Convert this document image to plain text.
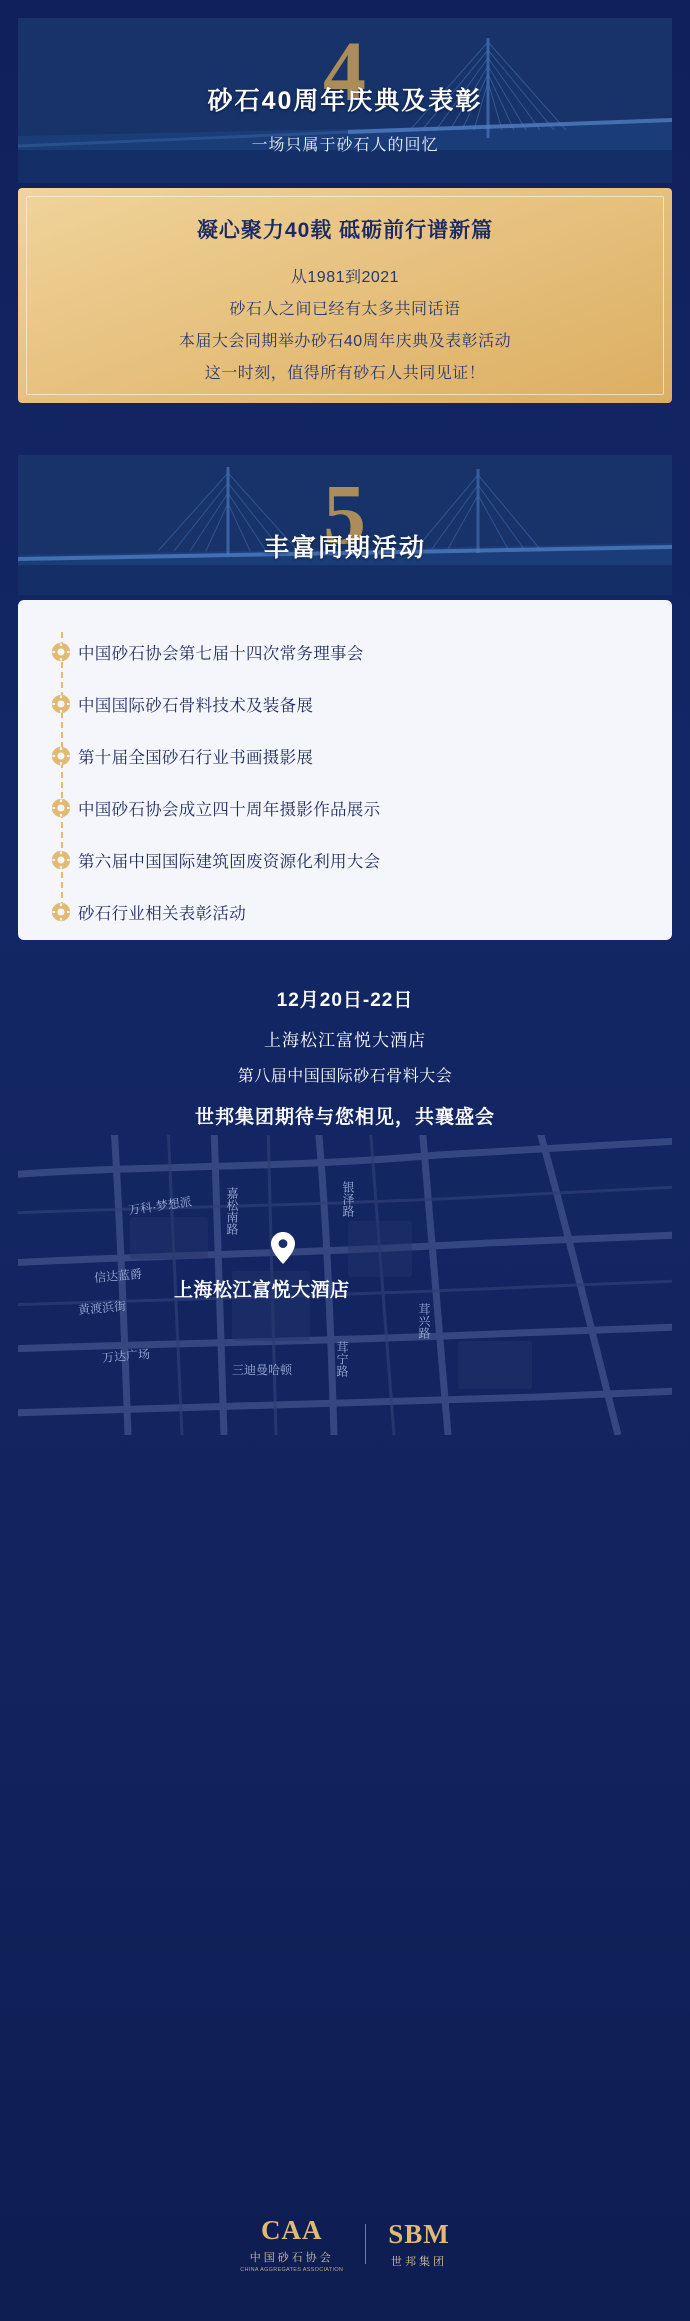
4
砂石40周年庆典及表彰
一场只属于砂石人的回忆
凝心聚力40载 砥砺前行谱新篇
从1981到2021
砂石人之间已经有太多共同话语
本届大会同期举办砂石40周年庆典及表彰活动
这一时刻，值得所有砂石人共同见证！
5
丰富同期活动
中国砂石协会第七届十四次常务理事会
中国国际砂石骨料技术及装备展
第十届全国砂石行业书画摄影展
中国砂石协会成立四十周年摄影作品展示
第六届中国国际建筑固废资源化利用大会
砂石行业相关表彰活动
12月20日-22日
上海松江富悦大酒店
第八届中国国际砂石骨料大会
世邦集团期待与您相见，共襄盛会
万科·梦想派	嘉松南路	银泽路
信达蓝爵
黄渡浜街
万达广场
三迪曼哈顿	茸宁路
茸兴路
上海松江富悦大酒店
CAA
中国砂石协会
CHINA AGGREGATES ASSOCIATION
SBM
世邦集团
